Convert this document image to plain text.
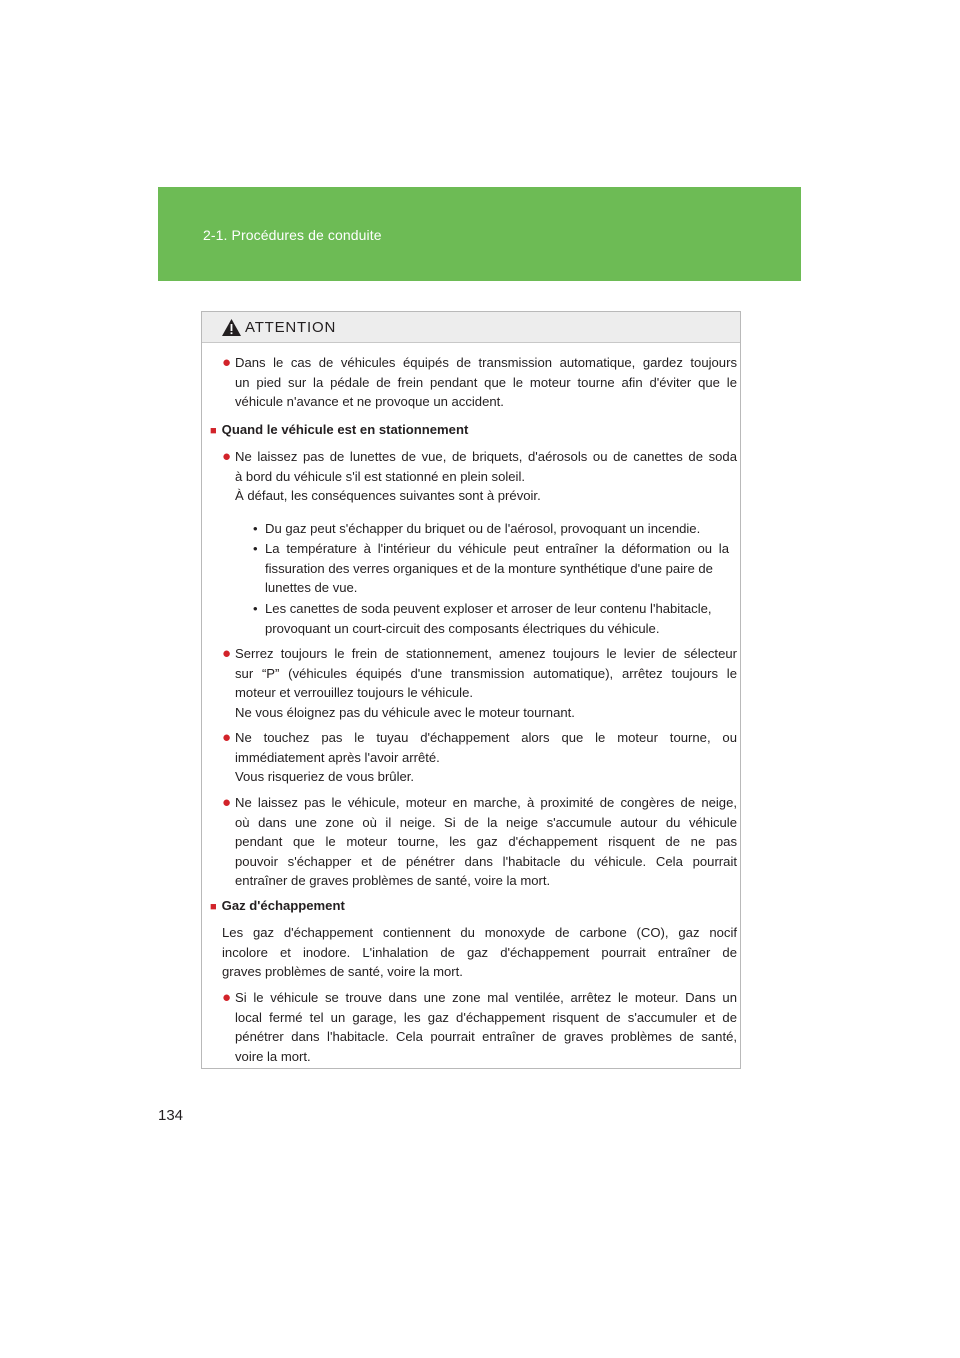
2-1. Procédures de conduite
ATTENTION
● Dans le cas de véhicules équipés de transmission automatique, gardez toujours
un pied sur la pédale de frein pendant que le moteur tourne afin d'éviter que le
véhicule n'avance et ne provoque un accident.
■ Quand le véhicule est en stationnement
● Ne laissez pas de lunettes de vue, de briquets, d'aérosols ou de canettes de soda
à bord du véhicule s'il est stationné en plein soleil.
À défaut, les conséquences suivantes sont à prévoir.
• Du gaz peut s'échapper du briquet ou de l'aérosol, provoquant un incendie.
• La température à l'intérieur du véhicule peut entraîner la déformation ou la
fissuration des verres organiques et de la monture synthétique d'une paire de
lunettes de vue.
• Les canettes de soda peuvent exploser et arroser de leur contenu l'habitacle,
provoquant un court-circuit des composants électriques du véhicule.
● Serrez toujours le frein de stationnement, amenez toujours le levier de sélecteur
sur “P” (véhicules équipés d'une transmission automatique), arrêtez toujours le
moteur et verrouillez toujours le véhicule.
Ne vous éloignez pas du véhicule avec le moteur tournant.
● Ne touchez pas le tuyau d'échappement alors que le moteur tourne, ou
immédiatement après l'avoir arrêté.
Vous risqueriez de vous brûler.
● Ne laissez pas le véhicule, moteur en marche, à proximité de congères de neige,
où dans une zone où il neige. Si de la neige s'accumule autour du véhicule
pendant que le moteur tourne, les gaz d'échappement risquent de ne pas
pouvoir s'échapper et de pénétrer dans l'habitacle du véhicule. Cela pourrait
entraîner de graves problèmes de santé, voire la mort.
■ Gaz d'échappement
Les gaz d'échappement contiennent du monoxyde de carbone (CO), gaz nocif
incolore et inodore. L'inhalation de gaz d'échappement pourrait entraîner de
graves problèmes de santé, voire la mort.
● Si le véhicule se trouve dans une zone mal ventilée, arrêtez le moteur. Dans un
local fermé tel un garage, les gaz d'échappement risquent de s'accumuler et de
pénétrer dans l'habitacle. Cela pourrait entraîner de graves problèmes de santé,
voire la mort.
134
